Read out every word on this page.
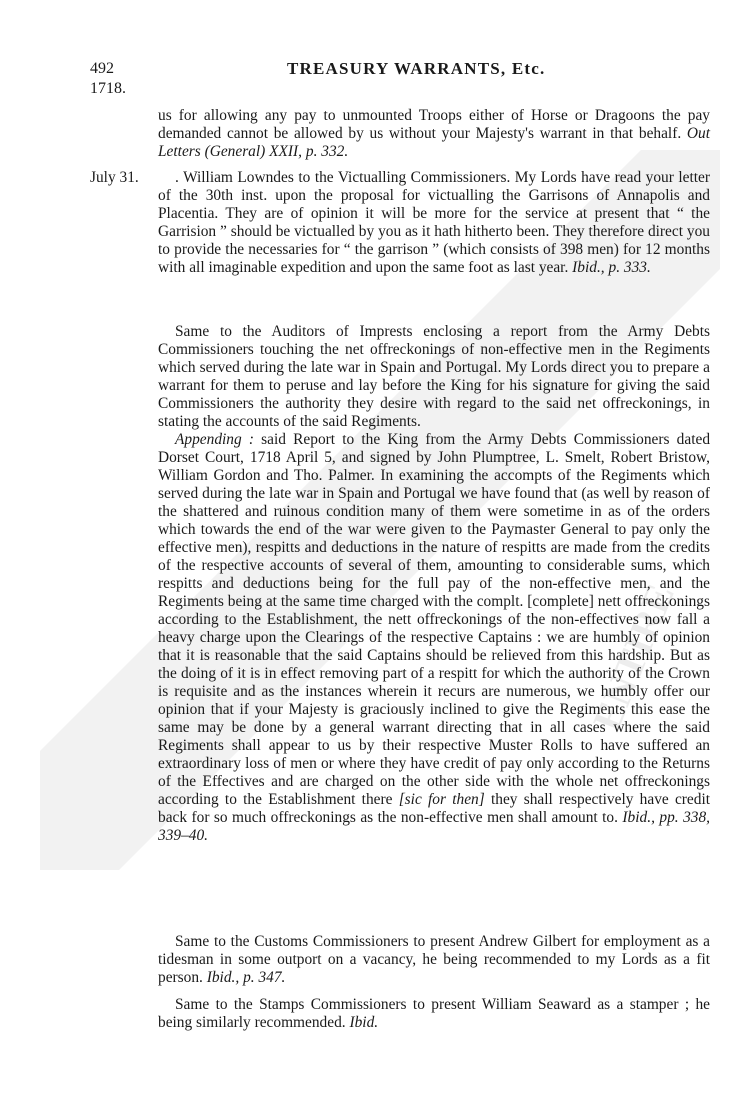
ENTIRE
492
1718.
TREASURY WARRANTS, Etc.

us for allowing any pay to unmounted Troops either of Horse or Dragoons the pay demanded cannot be allowed by us without your Majesty's warrant in that behalf. Out Letters (General) XXII, p. 332.

July 31.	. William Lowndes to the Victualling Commissioners. My Lords have read your letter of the 30th inst. upon the proposal for victualling the Garrisons of Annapolis and Placentia. They are of opinion it will be more for the service at present that “ the Garrision ” should be victualled by you as it hath hitherto been. They therefore direct you to provide the necessaries for “ the garrison ” (which consists of 398 men) for 12 months with all imaginable expedition and upon the same foot as last year. Ibid., p. 333.

Same to the Auditors of Imprests enclosing a report from the Army Debts Commissioners touching the net offreckonings of non-effective men in the Regiments which served during the late war in Spain and Portugal. My Lords direct you to prepare a warrant for them to peruse and lay before the King for his signature for giving the said Commissioners the authority they desire with regard to the said net offreckonings, in stating the accounts of the said Regiments.

Appending : said Report to the King from the Army Debts Commissioners dated Dorset Court, 1718 April 5, and signed by John Plumptree, L. Smelt, Robert Bristow, William Gordon and Tho. Palmer. In examining the accompts of the Regiments which served during the late war in Spain and Portugal we have found that (as well by reason of the shattered and ruinous condition many of them were sometime in as of the orders which towards the end of the war were given to the Paymaster General to pay only the effective men), respitts and deductions in the nature of respitts are made from the credits of the respective accounts of several of them, amounting to considerable sums, which respitts and deductions being for the full pay of the non-effective men, and the Regiments being at the same time charged with the complt. [complete] nett offreckonings according to the Establishment, the nett offreckonings of the non-effectives now fall a heavy charge upon the Clearings of the respective Captains : we are humbly of opinion that it is reasonable that the said Captains should be relieved from this hardship. But as the doing of it is in effect removing part of a respitt for which the authority of the Crown is requisite and as the instances wherein it recurs are numerous, we humbly offer our opinion that if your Majesty is graciously inclined to give the Regiments this ease the same may be done by a general warrant directing that in all cases where the said Regiments shall appear to us by their respective Muster Rolls to have suffered an extraordinary loss of men or where they have credit of pay only according to the Returns of the Effectives and are charged on the other side with the whole net offreckonings according to the Establishment there [sic for then] they shall respectively have credit back for so much offreckonings as the non-effective men shall amount to. Ibid., pp. 338, 339–40.

Same to the Customs Commissioners to present Andrew Gilbert for employment as a tidesman in some outport on a vacancy, he being recommended to my Lords as a fit person. Ibid., p. 347.

Same to the Stamps Commissioners to present William Seaward as a stamper ; he being similarly recommended. Ibid.
